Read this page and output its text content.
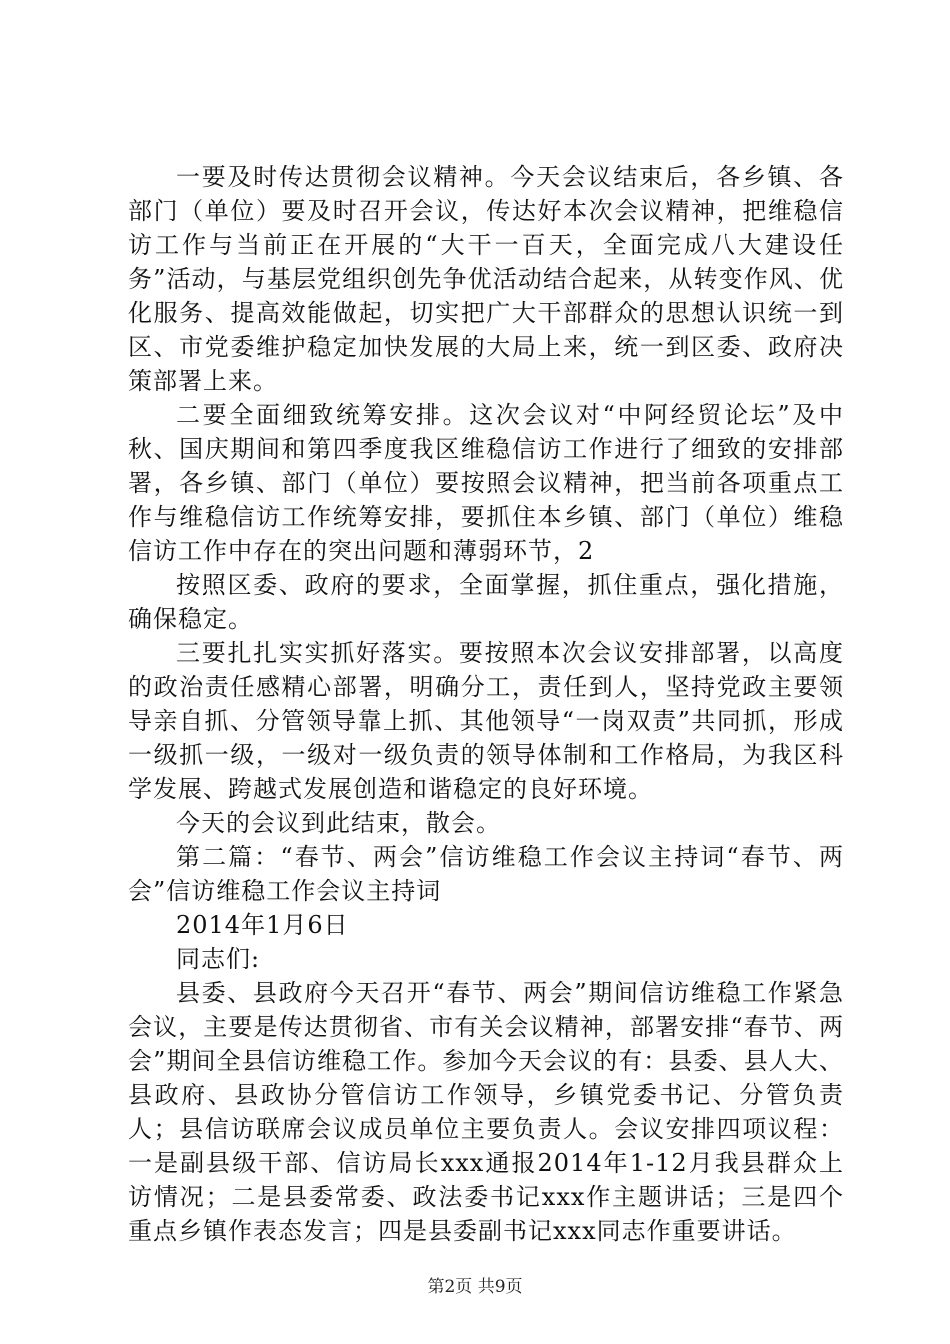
一要及时传达贯彻会议精神。今天会议结束后，各乡镇、各部门（单位）要及时召开会议，传达好本次会议精神，把维稳信访工作与当前正在开展的“大干一百天，全面完成八大建设任务”活动，与基层党组织创先争优活动结合起来，从转变作风、优化服务、提高效能做起，切实把广大干部群众的思想认识统一到区、市党委维护稳定加快发展的大局上来，统一到区委、政府决策部署上来。

二要全面细致统筹安排。这次会议对“中阿经贸论坛”及中秋、国庆期间和第四季度我区维稳信访工作进行了细致的安排部署，各乡镇、部门（单位）要按照会议精神，把当前各项重点工作与维稳信访工作统筹安排，要抓住本乡镇、部门（单位）维稳信访工作中存在的突出问题和薄弱环节，2

按照区委、政府的要求，全面掌握，抓住重点，强化措施，确保稳定。

三要扎扎实实抓好落实。要按照本次会议安排部署，以高度的政治责任感精心部署，明确分工，责任到人，坚持党政主要领导亲自抓、分管领导靠上抓、其他领导“一岗双责”共同抓，形成一级抓一级，一级对一级负责的领导体制和工作格局，为我区科学发展、跨越式发展创造和谐稳定的良好环境。

今天的会议到此结束，散会。

第二篇：“春节、两会”信访维稳工作会议主持词“春节、两会”信访维稳工作会议主持词

2014年1月6日

同志们:

县委、县政府今天召开“春节、两会”期间信访维稳工作紧急会议，主要是传达贯彻省、市有关会议精神，部署安排“春节、两会”期间全县信访维稳工作。参加今天会议的有：县委、县人大、县政府、县政协分管信访工作领导，乡镇党委书记、分管负责人；县信访联席会议成员单位主要负责人。会议安排四项议程：一是副县级干部、信访局长xxx通报2014年1-12月我县群众上访情况；二是县委常委、政法委书记xxx作主题讲话；三是四个重点乡镇作表态发言；四是县委副书记xxx同志作重要讲话。

第2页 共9页
